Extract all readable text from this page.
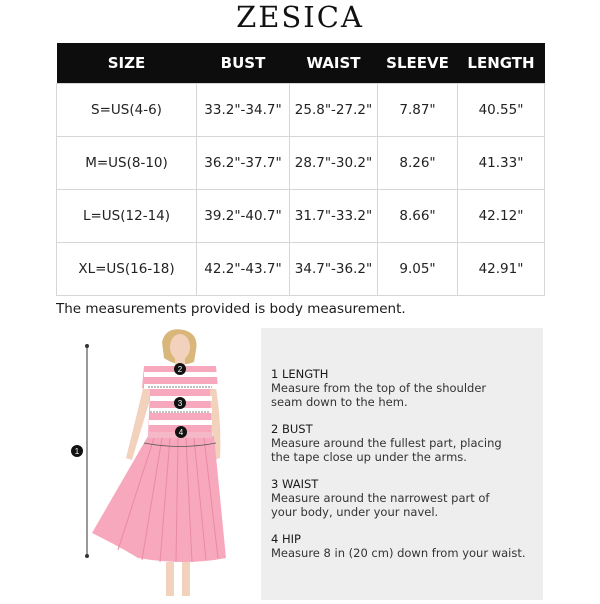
ZESICA
SIZE	BUST	WAIST	SLEEVE	LENGTH
S=US(4-6)	33.2"-34.7"	25.8"-27.2"	7.87"	40.55"
M=US(8-10)	36.2"-37.7"	28.7"-30.2"	8.26"	41.33"
L=US(12-14)	39.2"-40.7"	31.7"-33.2"	8.66"	42.12"
XL=US(16-18)	42.2"-43.7"	34.7"-36.2"	9.05"	42.91"
The measurements provided is body measurement.
1
2
3
4
1 LENGTH
Measure from the top of the shoulder
seam down to the hem.
2 BUST
Measure around the fullest part, placing
the tape close up under the arms.
3 WAIST
Measure around the narrowest part of
your body, under your navel.
4 HIP
Measure 8 in (20 cm) down from your waist.
